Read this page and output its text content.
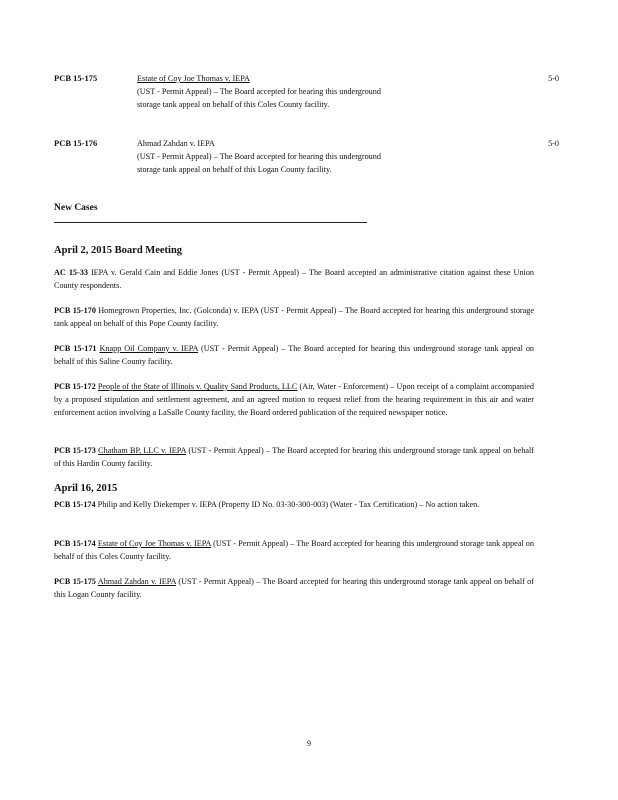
PCB 15-175	Estate of Coy Joe Thomas v. IEPA
(UST - Permit Appeal) – The Board accepted for hearing this underground storage tank appeal on behalf of this Coles County facility.
5-0
PCB 15-176	Ahmad Zahdan v. IEPA
(UST - Permit Appeal) – The Board accepted for hearing this underground storage tank appeal on behalf of this Logan County facility.
5-0
New Cases
April 2, 2015 Board Meeting
AC 15-33 IEPA v. Gerald Cain and Eddie Jones (UST - Permit Appeal) – The Board accepted an administrative citation against these Union County respondents.
PCB 15-170 Homegrown Properties, Inc. (Golconda) v. IEPA (UST - Permit Appeal) – The Board accepted for hearing this underground storage tank appeal on behalf of this Pope County facility.
PCB 15-171 Knapp Oil Company v. IEPA (UST - Permit Appeal) – The Board accepted for hearing this underground storage tank appeal on behalf of this Saline County facility.
PCB 15-172 People of the State of Illinois v. Quality Sand Products, LLC (Air, Water - Enforcement) – Upon receipt of a complaint accompanied by a proposed stipulation and settlement agreement, and an agreed motion to request relief from the hearing requirement in this air and water enforcement action involving a LaSalle County facility, the Board ordered publication of the required newspaper notice.
PCB 15-173 Chatham BP, LLC v. IEPA (UST - Permit Appeal) – The Board accepted for hearing this underground storage tank appeal on behalf of this Hardin County facility.
April 16, 2015
PCB 15-174 Philip and Kelly Diekemper v. IEPA (Property ID No. 03-30-300-003) (Water - Tax Certification) – No action taken.
PCB 15-174 Estate of Coy Joe Thomas v. IEPA (UST - Permit Appeal) – The Board accepted for hearing this underground storage tank appeal on behalf of this Coles County facility.
PCB 15-175 Ahmad Zahdan v. IEPA (UST - Permit Appeal) – The Board accepted for hearing this underground storage tank appeal on behalf of this Logan County facility.
9
